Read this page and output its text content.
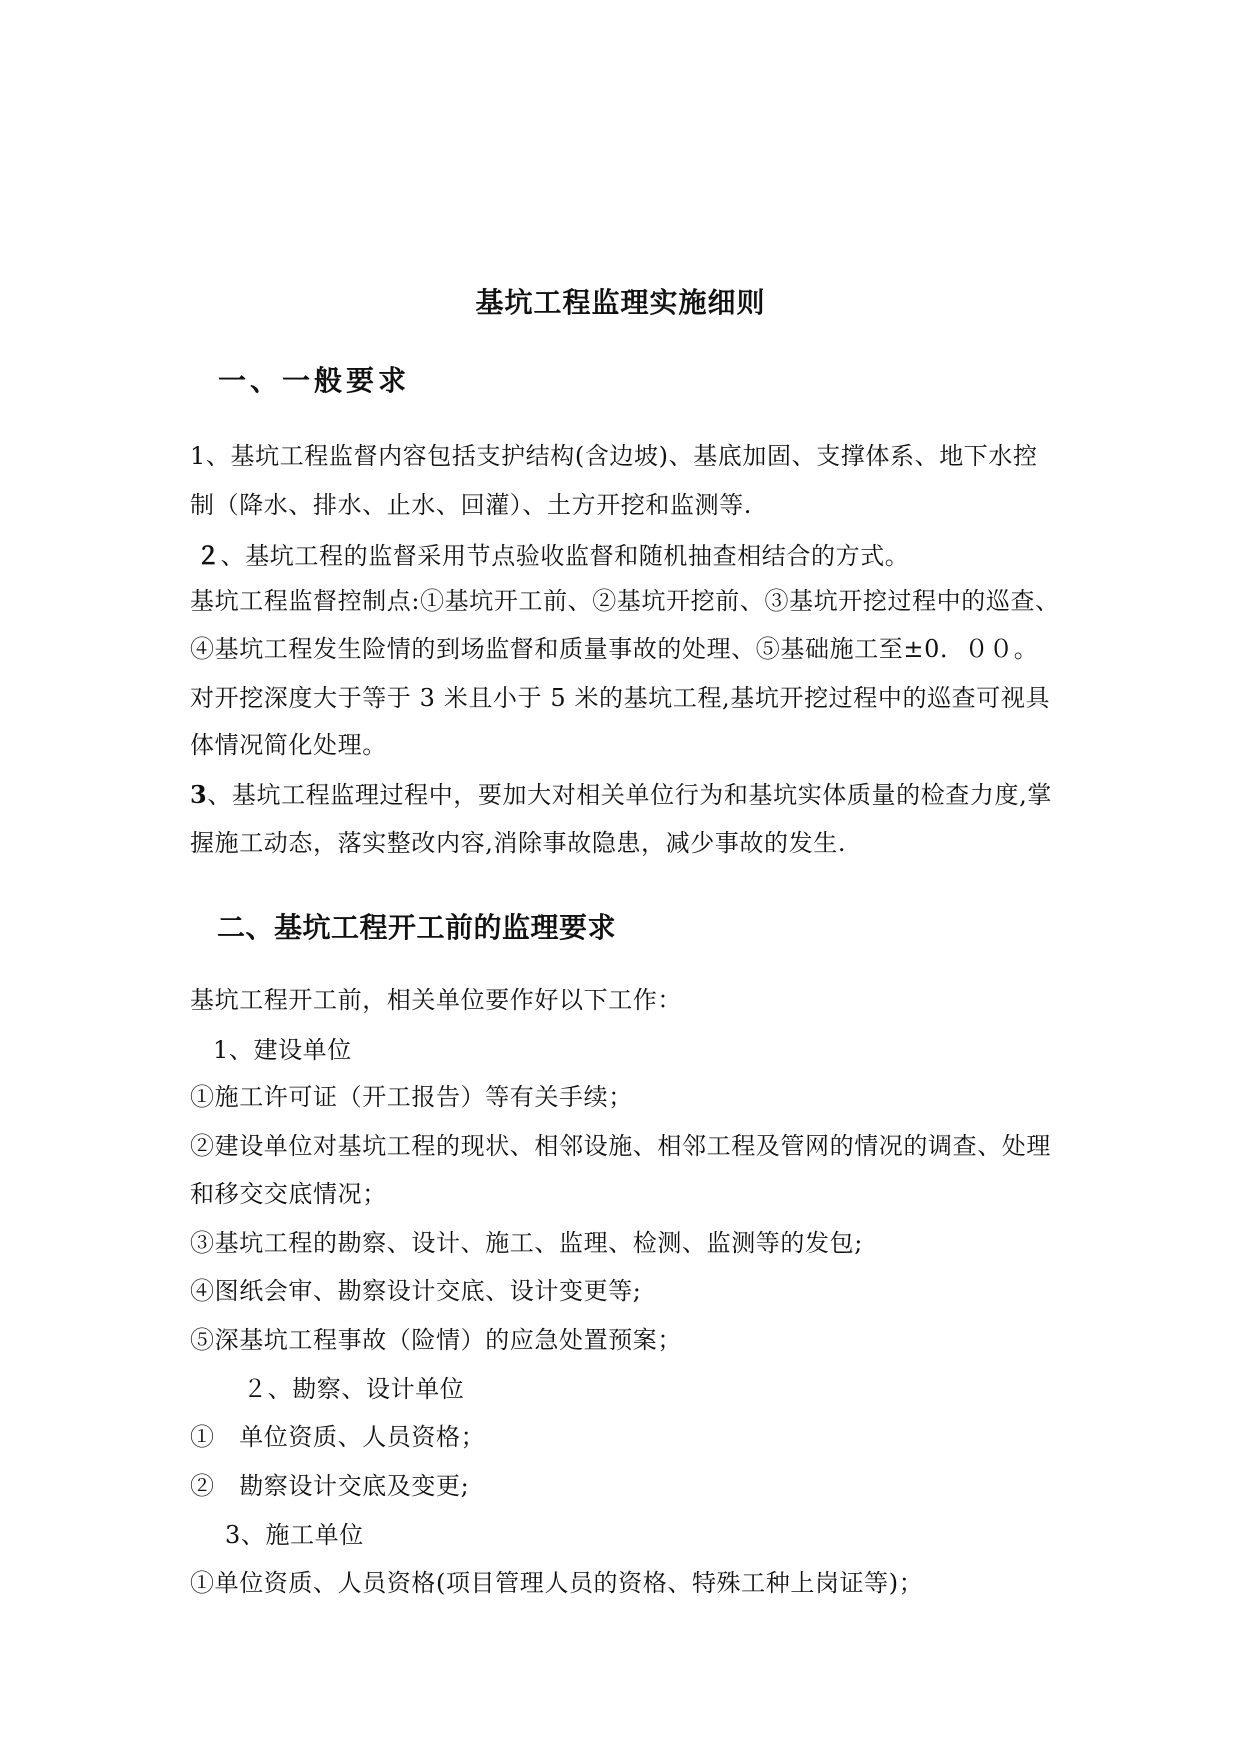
基坑工程监理实施细则
一、一般要求
1、基坑工程监督内容包括支护结构(含边坡)、基底加固、支撑体系、地下水控
制（降水、排水、止水、回灌）、土方开挖和监测等.
２、基坑工程的监督采用节点验收监督和随机抽查相结合的方式。
基坑工程监督控制点:①基坑开工前、②基坑开挖前、③基坑开挖过程中的巡查、
④基坑工程发生险情的到场监督和质量事故的处理、⑤基础施工至±0．００。
对开挖深度大于等于 3 米且小于 5 米的基坑工程,基坑开挖过程中的巡查可视具
体情况简化处理。
3、基坑工程监理过程中，要加大对相关单位行为和基坑实体质量的检查力度,掌
握施工动态，落实整改内容,消除事故隐患，减少事故的发生.
二、基坑工程开工前的监理要求
基坑工程开工前，相关单位要作好以下工作：
1、建设单位
①施工许可证（开工报告）等有关手续；
②建设单位对基坑工程的现状、相邻设施、相邻工程及管网的情况的调查、处理
和移交交底情况；
③基坑工程的勘察、设计、施工、监理、检测、监测等的发包;
④图纸会审、勘察设计交底、设计变更等;
⑤深基坑工程事故（险情）的应急处置预案；
２、勘察、设计单位
①　单位资质、人员资格；
②　勘察设计交底及变更;
3、施工单位
①单位资质、人员资格(项目管理人员的资格、特殊工种上岗证等)；
